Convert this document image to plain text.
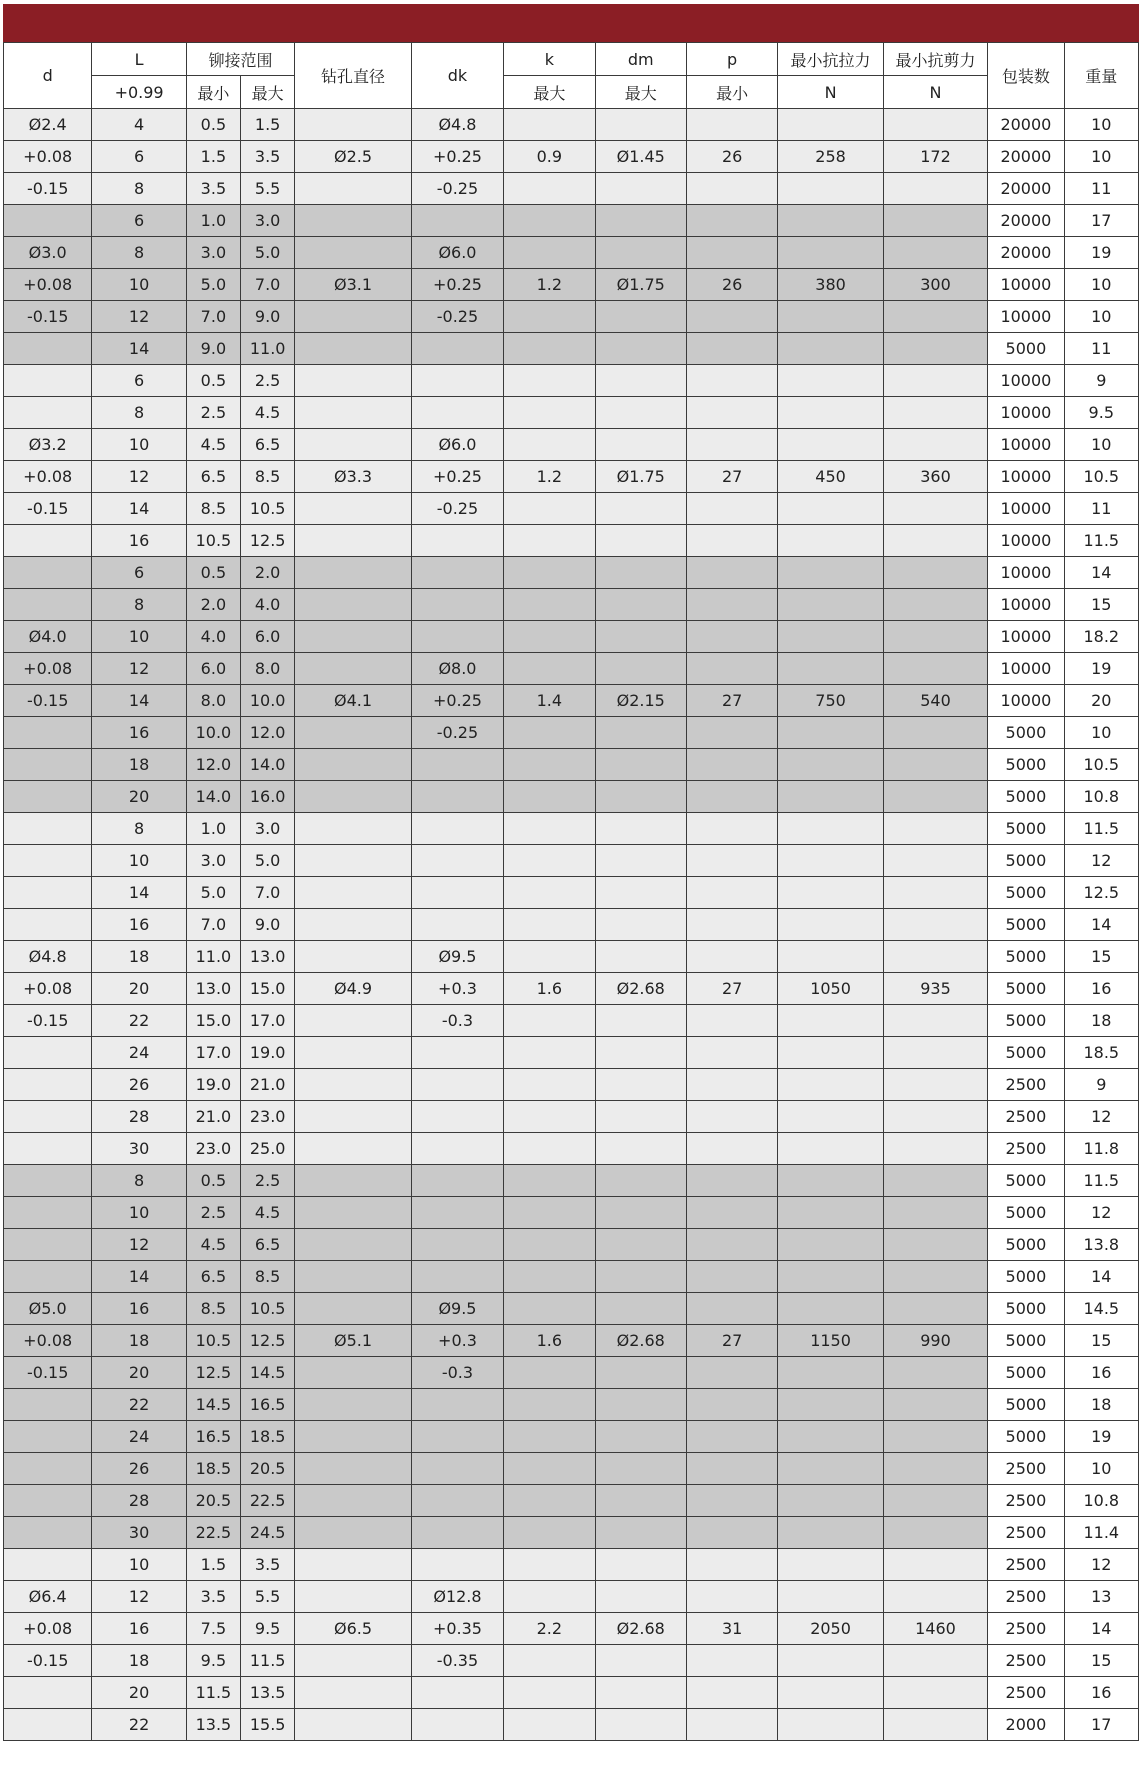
d	L	铆接范围		钻孔直径	dk	k	dm	p	最小抗拉力	最小抗剪力	包装数	重量
	+0.99	最小	最大			最大	最大	最小	N	N		
Ø2.4	4	0.5	1.5		Ø4.8						20000	10
+0.08	6	1.5	3.5	Ø2.5	+0.25	0.9	Ø1.45	26	258	172	20000	10
-0.15	8	3.5	5.5		-0.25						20000	11
	6	1.0	3.0								20000	17
Ø3.0	8	3.0	5.0		Ø6.0						20000	19
+0.08	10	5.0	7.0	Ø3.1	+0.25	1.2	Ø1.75	26	380	300	10000	10
-0.15	12	7.0	9.0		-0.25						10000	10
	14	9.0	11.0								5000	11
	6	0.5	2.5								10000	9
	8	2.5	4.5								10000	9.5
Ø3.2	10	4.5	6.5		Ø6.0						10000	10
+0.08	12	6.5	8.5	Ø3.3	+0.25	1.2	Ø1.75	27	450	360	10000	10.5
-0.15	14	8.5	10.5		-0.25						10000	11
	16	10.5	12.5								10000	11.5
	6	0.5	2.0								10000	14
	8	2.0	4.0								10000	15
Ø4.0	10	4.0	6.0								10000	18.2
+0.08	12	6.0	8.0		Ø8.0						10000	19
-0.15	14	8.0	10.0	Ø4.1	+0.25	1.4	Ø2.15	27	750	540	10000	20
	16	10.0	12.0		-0.25						5000	10
	18	12.0	14.0								5000	10.5
	20	14.0	16.0								5000	10.8
	8	1.0	3.0								5000	11.5
	10	3.0	5.0								5000	12
	14	5.0	7.0								5000	12.5
	16	7.0	9.0								5000	14
Ø4.8	18	11.0	13.0		Ø9.5						5000	15
+0.08	20	13.0	15.0	Ø4.9	+0.3	1.6	Ø2.68	27	1050	935	5000	16
-0.15	22	15.0	17.0		-0.3						5000	18
	24	17.0	19.0								5000	18.5
	26	19.0	21.0								2500	9
	28	21.0	23.0								2500	12
	30	23.0	25.0								2500	11.8
	8	0.5	2.5								5000	11.5
	10	2.5	4.5								5000	12
	12	4.5	6.5								5000	13.8
	14	6.5	8.5								5000	14
Ø5.0	16	8.5	10.5		Ø9.5						5000	14.5
+0.08	18	10.5	12.5	Ø5.1	+0.3	1.6	Ø2.68	27	1150	990	5000	15
-0.15	20	12.5	14.5		-0.3						5000	16
	22	14.5	16.5								5000	18
	24	16.5	18.5								5000	19
	26	18.5	20.5								2500	10
	28	20.5	22.5								2500	10.8
	30	22.5	24.5								2500	11.4
	10	1.5	3.5								2500	12
Ø6.4	12	3.5	5.5		Ø12.8						2500	13
+0.08	16	7.5	9.5	Ø6.5	+0.35	2.2	Ø2.68	31	2050	1460	2500	14
-0.15	18	9.5	11.5		-0.35						2500	15
	20	11.5	13.5								2500	16
	22	13.5	15.5								2000	17
